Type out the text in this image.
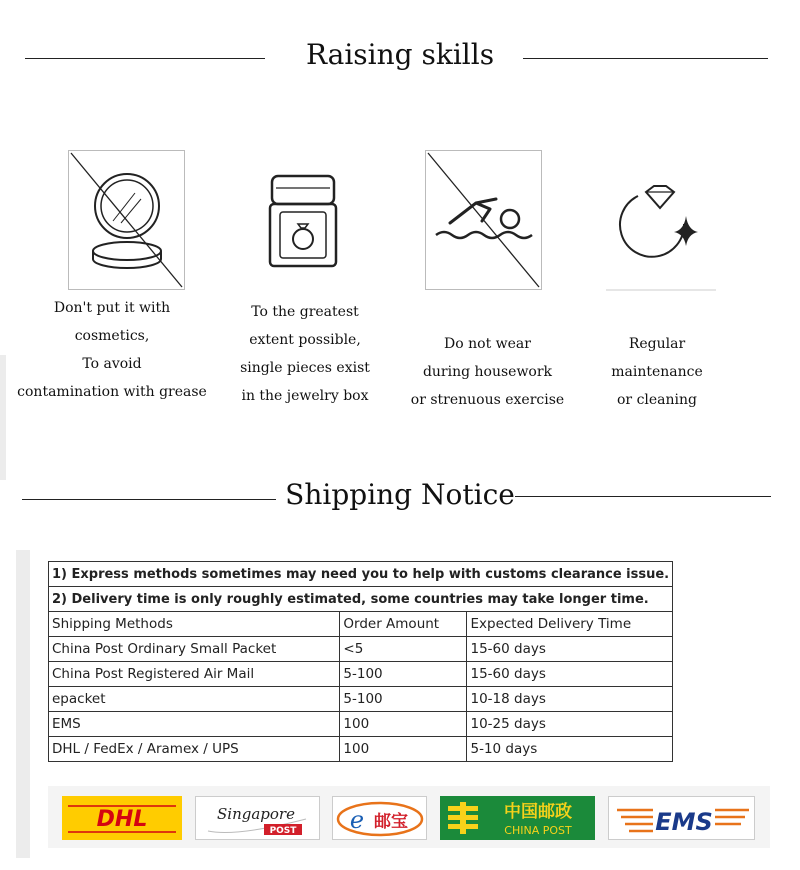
Raising skills
Don't put it with
cosmetics,
To avoid
contamination with grease
To the greatest
extent possible,
single pieces exist
in the jewelry box
Do not wear
during housework
or strenuous exercise
Regular
maintenance
or cleaning
Shipping Notice
1) Express methods sometimes may need you to help with customs clearance issue.		
2) Delivery time is only roughly estimated, some countries may take longer time.		
Shipping Methods	Order Amount	Expected Delivery Time
China Post Ordinary Small Packet	<5	15-60 days
China Post Registered Air Mail	5-100	15-60 days
epacket	5-100	10-18 days
EMS	100	10-25 days
DHL / FedEx / Aramex / UPS	100	5-10 days
DHL	Singapore
POST e 邮宝	中国邮政
CHINA POST	EMS
